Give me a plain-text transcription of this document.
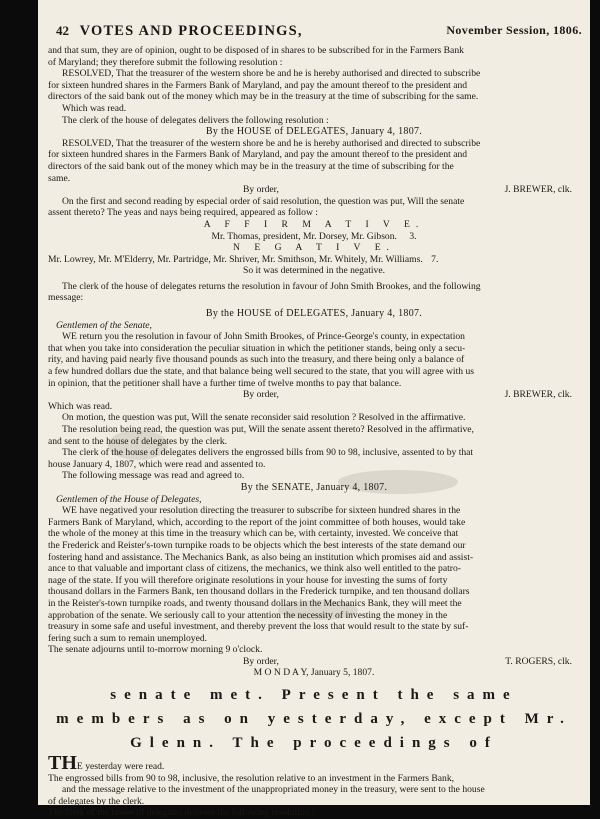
42 VOTES AND PROCEEDINGS,	November Session, 1806.
and that sum, they are of opinion, ought to be disposed of in shares to be subscribed for in the Farmers Bank
of Maryland; they therefore submit the following resolution :
RESOLVED, That the treasurer of the western shore be and he is hereby authorised and directed to subscribe
for sixteen hundred shares in the Farmers Bank of Maryland, and pay the amount thereof to the president and
directors of the said bank out of the money which may be in the treasury at the time of subscribing for the same.
Which was read.
The clerk of the house of delegates delivers the following resolution :
By the HOUSE of DELEGATES, January 4, 1807.
RESOLVED, That the treasurer of the western shore be and he is hereby authorised and directed to subscribe
for sixteen hundred shares in the Farmers Bank of Maryland, and pay the amount thereof to the president and
directors of the said bank out of the money which may be in the treasury at the time of subscribing for the
same.
By order,	J. BREWER, clk.
On the first and second reading by especial order of said resolution, the question was put, Will the senate
assent thereto? The yeas and nays being required, appeared as follow :
A F F I R M A T I V E.
Mr. Thomas, president, Mr. Dorsey, Mr. Gibson. 3.
N E G A T I V E.
Mr. Lowrey, Mr. M'Elderry, Mr. Partridge, Mr. Shriver, Mr. Smithson, Mr. Whitely, Mr. Williams. 7.
So it was determined in the negative.
The clerk of the house of delegates returns the resolution in favour of John Smith Brookes, and the following
message:
By the HOUSE of DELEGATES, January 4, 1807.
Gentlemen of the Senate,
WE return you the resolution in favour of John Smith Brookes, of Prince-George's county, in expectation
that when you take into consideration the peculiar situation in which the petitioner stands, being only a secu-
rity, and having paid nearly five thousand pounds as such into the treasury, and there being only a balance of
a few hundred dollars due the state, and that balance being well secured to the state, that you will agree with us
in opinion, that the petitioner shall have a further time of twelve months to pay that balance.
By order,	J. BREWER, clk.
Which was read.
On motion, the question was put, Will the senate reconsider said resolution ? Resolved in the affirmative.
The resolution being read, the question was put, Will the senate assent thereto? Resolved in the affirmative,
and sent to the house of delegates by the clerk.
The clerk of the house of delegates delivers the engrossed bills from 90 to 98, inclusive, assented to by that
house January 4, 1807, which were read and assented to.
The following message was read and agreed to.
By the SENATE, January 4, 1807.
Gentlemen of the House of Delegates,
WE have negatived your resolution directing the treasurer to subscribe for sixteen hundred shares in the
Farmers Bank of Maryland, which, according to the report of the joint committee of both houses, would take
the whole of the money at this time in the treasury which can be, with certainty, invested. We conceive that
the Frederick and Reister's-town turnpike roads to be objects which the best interests of the state demand our
fostering hand and assistance. The Mechanics Bank, as also being an institution which promises aid and assist-
ance to that valuable and important class of citizens, the mechanics, we think also well entitled to the patro-
nage of the state. If you will therefore originate resolutions in your house for investing the sums of forty
thousand dollars in the Farmers Bank, ten thousand dollars in the Frederick turnpike, and ten thousand dollars
in the Reister's-town turnpike roads, and twenty thousand dollars in the Mechanics Bank, they will meet the
approbation of the senate. We seriously call to your attention the necessity of investing the money in the
treasury in some safe and useful investment, and thereby prevent the loss that would result to the state by suf-
fering such a sum to remain unemployed.
The senate adjourns until to-morrow morning 9 o'clock.
By order,	T. ROGERS, clk.
M O N D A Y, January 5, 1807.
senate met. Present the same members as on yesterday, except Mr. Glenn. The proceedings of
THE yesterday were read.
The engrossed bills from 90 to 98, inclusive, the resolution relative to an investment in the Farmers Bank,
and the message relative to the investment of the unappropriated money in the treasury, were sent to the house
of delegates by the clerk.
The clerk of the house of delegates delivers the following resolution :
